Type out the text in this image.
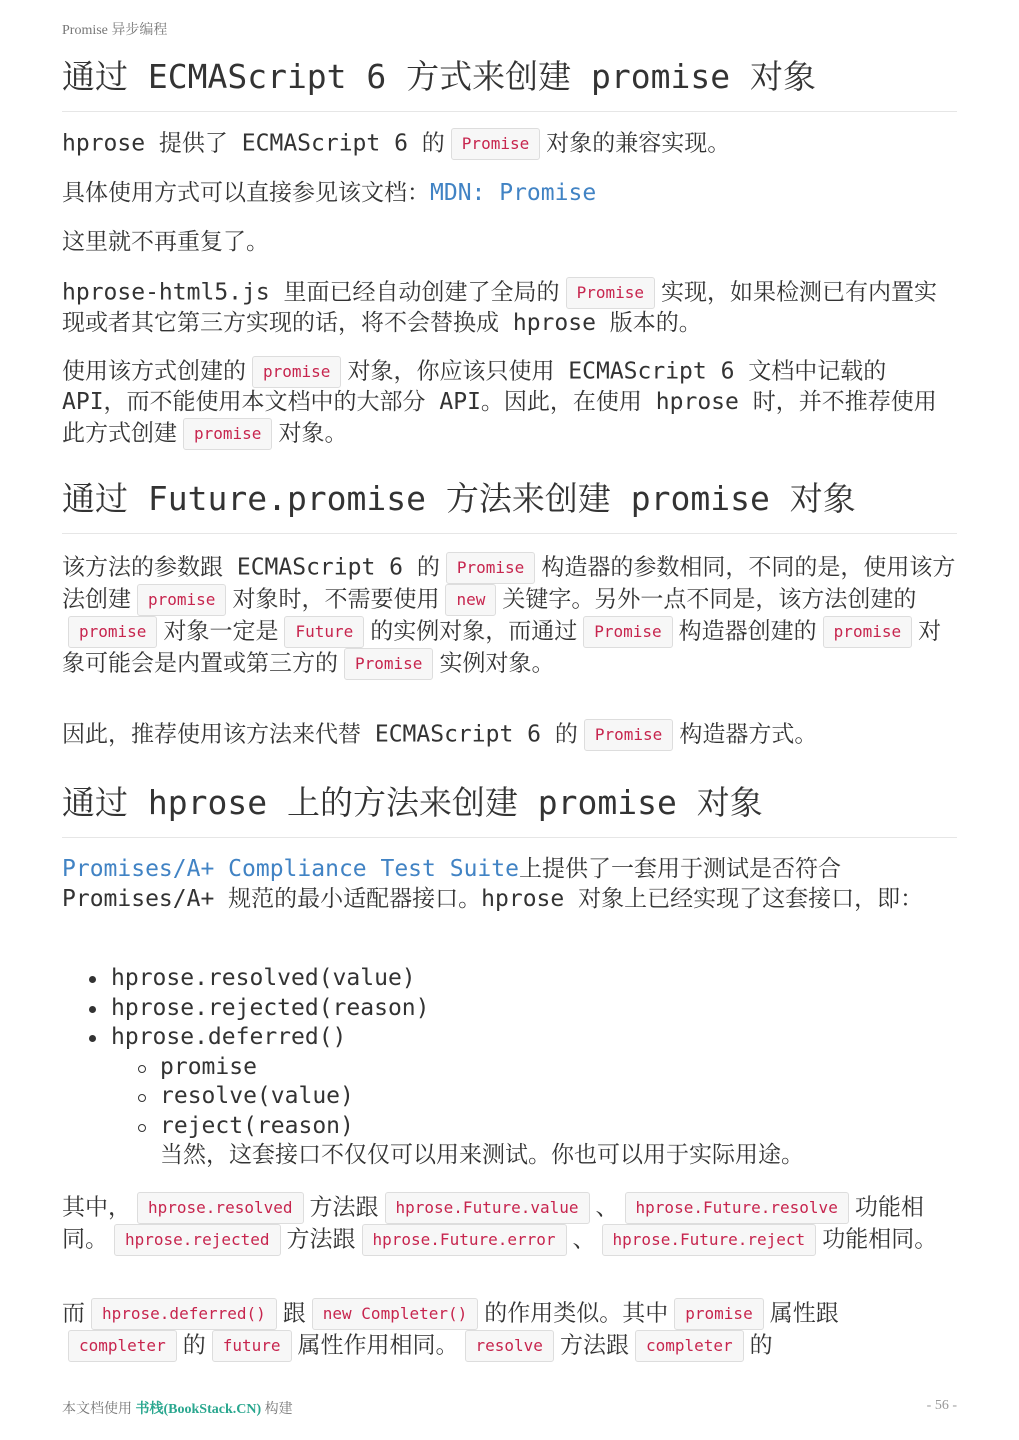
Promise 异步编程
通过 ECMAScript 6 方式来创建 promise 对象

hprose 提供了 ECMAScript 6 的 Promise 对象的兼容实现。

具体使用方式可以直接参见该文档：MDN: Promise

这里就不再重复了。

hprose-html5.js 里面已经自动创建了全局的 Promise 实现，如果检测已有内置实现或者其它第三方实现的话，将不会替换成 hprose 版本的。

使用该方式创建的 promise 对象，你应该只使用 ECMAScript 6 文档中记载的 API，而不能使用本文档中的大部分 API。因此，在使用 hprose 时，并不推荐使用此方式创建 promise 对象。

通过 Future.promise 方法来创建 promise 对象

该方法的参数跟 ECMAScript 6 的 Promise 构造器的参数相同，不同的是，使用该方法创建 promise 对象时，不需要使用 new 关键字。另外一点不同是，该方法创建的promise 对象一定是 Future 的实例对象，而通过 Promise 构造器创建的 promise 对象可能会是内置或第三方的 Promise 实例对象。

因此，推荐使用该方法来代替 ECMAScript 6 的 Promise 构造器方式。

通过 hprose 上的方法来创建 promise 对象

Promises/A+ Compliance Test Suite上提供了一套用于测试是否符合 Promises/A+ 规范的最小适配器接口。hprose 对象上已经实现了这套接口，即：

hprose.resolved(value)
hprose.rejected(reason)
hprose.deferred()
promise
resolve(value)
reject(reason)
当然，这套接口不仅仅可以用来测试。你也可以用于实际用途。

其中， hprose.resolved 方法跟 hprose.Future.value 、 hprose.Future.resolve 功能相同。 hprose.rejected 方法跟 hprose.Future.error 、 hprose.Future.reject 功能相同。

而 hprose.deferred() 跟 new Completer() 的作用类似。其中 promise 属性跟completer 的 future 属性作用相同。 resolve 方法跟 completer 的

本文档使用 书栈(BookStack.CN) 构建	- 56 -
